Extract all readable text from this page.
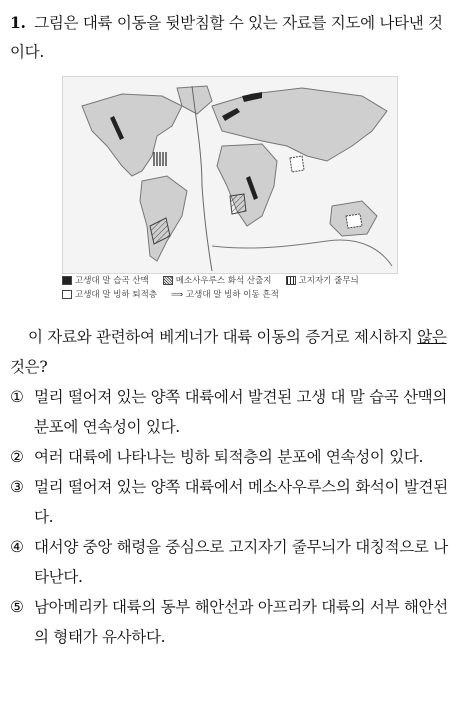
1. 그림은 대륙 이동을 뒷받침할 수 있는 자료를 지도에 나타낸 것이다.
고생대 말 습곡 산맥	메소사우루스 화석 산출지	고지자기 줄무늬
고생대 말 빙하 퇴적층 ⟹ 고생대 말 빙하 이동 흔적
이 자료와 관련하여 베게너가 대륙 이동의 증거로 제시하지 않은 것은?
① 멀리 떨어져 있는 양쪽 대륙에서 발견된 고생 대 말 습곡 산맥의 분포에 연속성이 있다.
② 여러 대륙에 나타나는 빙하 퇴적층의 분포에 연속성이 있다.
③ 멀리 떨어져 있는 양쪽 대륙에서 메소사우루스의 화석이 발견된다.
④ 대서양 중앙 해령을 중심으로 고지자기 줄무늬가 대칭적으로 나타난다.
⑤ 남아메리카 대륙의 동부 해안선과 아프리카 대륙의 서부 해안선의 형태가 유사하다.
